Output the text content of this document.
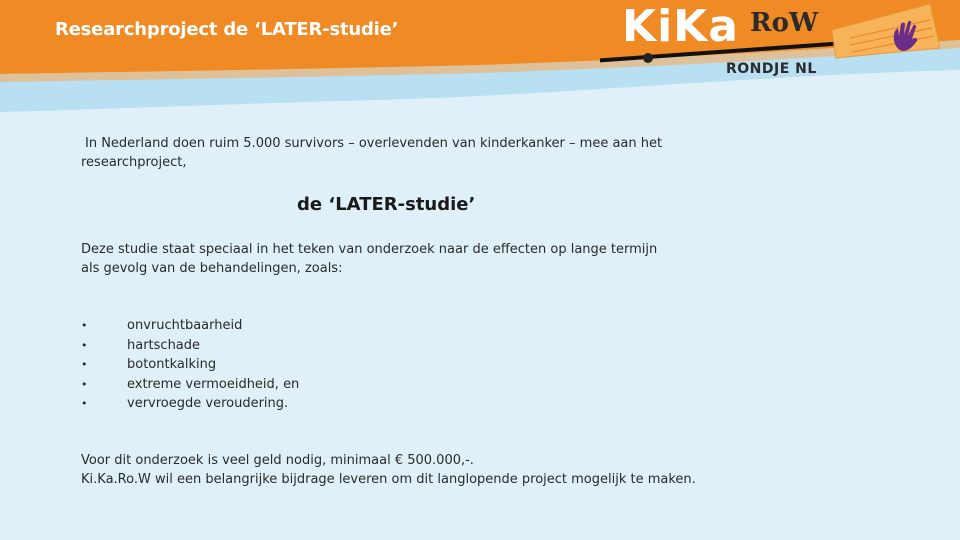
Researchproject de ‘LATER-studie’	KiKa RoW
RONDJE NL
In Nederland doen ruim 5.000 survivors – overlevenden van kinderkanker – mee aan het
researchproject,
de ‘LATER-studie’
Deze studie staat speciaal in het teken van onderzoek naar de effecten op lange termijn
als gevolg van de behandelingen, zoals:
•	onvruchtbaarheid
•	hartschade
•	botontkalking
•	extreme vermoeidheid, en
•	vervroegde veroudering.
Voor dit onderzoek is veel geld nodig, minimaal € 500.000,-.
Ki.Ka.Ro.W wil een belangrijke bijdrage leveren om dit langlopende project mogelijk te maken.
